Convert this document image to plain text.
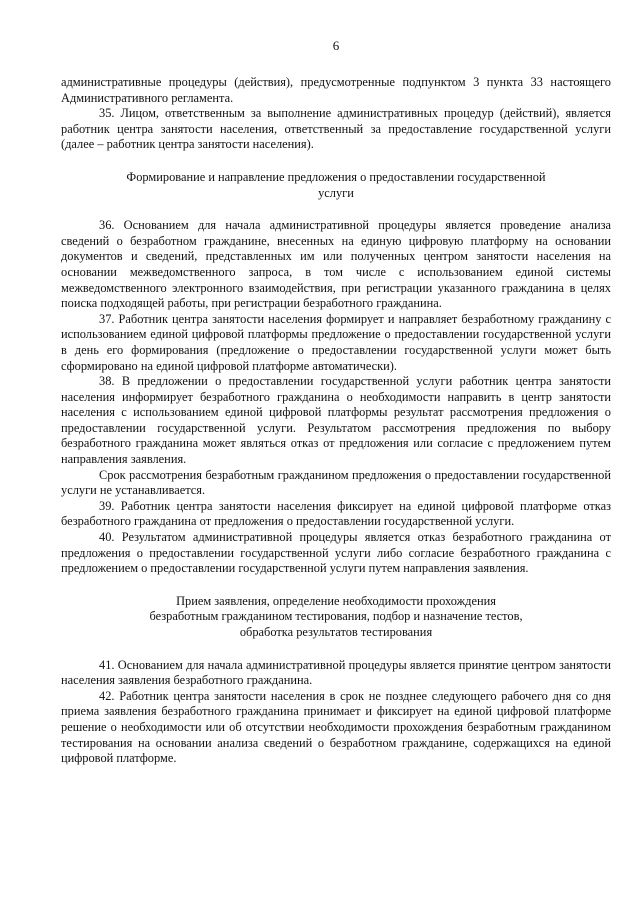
6

административные процедуры (действия), предусмотренные подпунктом 3 пункта 33 настоящего Административного регламента.

35. Лицом, ответственным за выполнение административных процедур (действий), является работник центра занятости населения, ответственный за предоставление государственной услуги (далее – работник центра занятости населения).

Формирование и направление предложения о предоставлении государственной услуги

36. Основанием для начала административной процедуры является проведение анализа сведений о безработном гражданине, внесенных на единую цифровую платформу на основании документов и сведений, представленных им или полученных центром занятости населения на основании межведомственного запроса, в том числе с использованием единой системы межведомственного электронного взаимодействия, при регистрации указанного гражданина в целях поиска подходящей работы, при регистрации безработного гражданина.

37. Работник центра занятости населения формирует и направляет безработному гражданину с использованием единой цифровой платформы предложение о предоставлении государственной услуги в день его формирования (предложение о предоставлении государственной услуги может быть сформировано на единой цифровой платформе автоматически).

38. В предложении о предоставлении государственной услуги работник центра занятости населения информирует безработного гражданина о необходимости направить в центр занятости населения с использованием единой цифровой платформы результат рассмотрения предложения о предоставлении государственной услуги. Результатом рассмотрения предложения по выбору безработного гражданина может являться отказ от предложения или согласие с предложением путем направления заявления.

Срок рассмотрения безработным гражданином предложения о предоставлении государственной услуги не устанавливается.

39. Работник центра занятости населения фиксирует на единой цифровой платформе отказ безработного гражданина от предложения о предоставлении государственной услуги.

40. Результатом административной процедуры является отказ безработного гражданина от предложения о предоставлении государственной услуги либо согласие безработного гражданина с предложением о предоставлении государственной услуги путем направления заявления.

Прием заявления, определение необходимости прохождения
безработным гражданином тестирования, подбор и назначение тестов,
обработка результатов тестирования

41. Основанием для начала административной процедуры является принятие центром занятости населения заявления безработного гражданина.

42. Работник центра занятости населения в срок не позднее следующего рабочего дня со дня приема заявления безработного гражданина принимает и фиксирует на единой цифровой платформе решение о необходимости или об отсутствии необходимости прохождения безработным гражданином тестирования на основании анализа сведений о безработном гражданине, содержащихся на единой цифровой платформе.
